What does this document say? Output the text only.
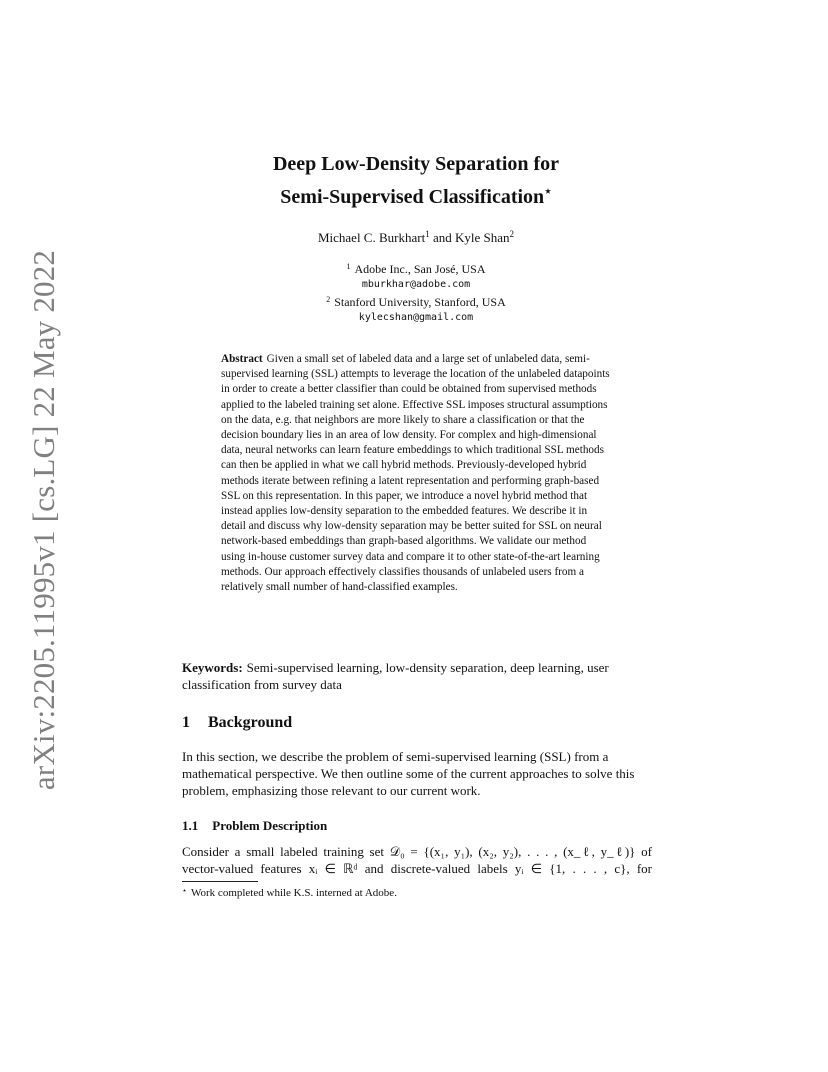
arXiv:2205.11995v1 [cs.LG] 22 May 2022
Deep Low-Density Separation for
Semi-Supervised Classification⋆
Michael C. Burkhart$^1$ and Kyle Shan$^2$
$^1$ Adobe Inc., San José, USA
mburkhar@adobe.com
$^2$ Stanford University, Stanford, USA
kylecshan@gmail.com
Abstract Given a small set of labeled data and a large set of unlabeled data, semi-supervised learning (SSL) attempts to leverage the location of the unlabeled datapoints in order to create a better classifier than could be obtained from supervised methods applied to the labeled training set alone. Effective SSL imposes structural assumptions on the data, e.g. that neighbors are more likely to share a classification or that the decision boundary lies in an area of low density. For complex and high-dimensional data, neural networks can learn feature embeddings to which traditional SSL methods can then be applied in what we call hybrid methods. Previously-developed hybrid methods iterate between refining a latent representation and performing graph-based SSL on this representation. In this paper, we introduce a novel hybrid method that instead applies low-density separation to the embedded features. We describe it in detail and discuss why low-density separation may be better suited for SSL on neural network-based embeddings than graph-based algorithms. We validate our method using in-house customer survey data and compare it to other state-of-the-art learning methods. Our approach effectively classifies thousands of unlabeled users from a relatively small number of hand-classified examples.
Keywords: Semi-supervised learning, low-density separation, deep learning, user classification from survey data
1 Background
In this section, we describe the problem of semi-supervised learning (SSL) from a mathematical perspective. We then outline some of the current approaches to solve this problem, emphasizing those relevant to our current work.
1.1 Problem Description
Consider a small labeled training set 𝒟₀ = {(x₁, y₁), (x₂, y₂), . . . , (x_ℓ, y_ℓ)} of
vector-valued features xᵢ ∈ ℝᵈ and discrete-valued labels yᵢ ∈ {1, . . . , c}, for
⋆ Work completed while K.S. interned at Adobe.
